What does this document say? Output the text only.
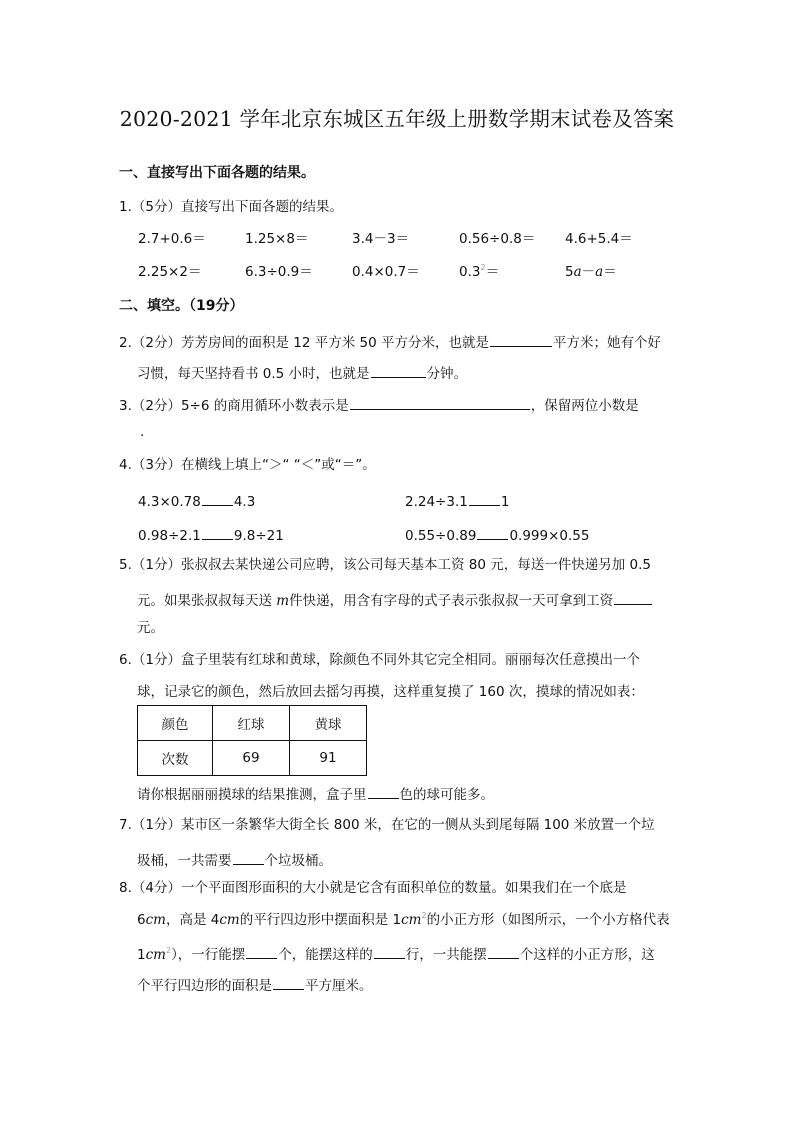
2020-2021 学年北京东城区五年级上册数学期末试卷及答案
一、直接写出下面各题的结果。
1.（5分）直接写出下面各题的结果。
2.7+0.6＝	1.25×8＝	3.4－3＝	0.56÷0.8＝ 4.6+5.4＝
2.25×2＝	6.3÷0.9＝	0.4×0.7＝	$0.3^2=$	5a－a＝
二、填空。（19分）
2.（2分）芳芳房间的面积是 12 平方米 50 平方分米，也就是	平方米；她有个好
习惯，每天坚持看书 0.5 小时，也就是	分钟。
3.（2分）5÷6 的商用循环小数表示是	，保留两位小数是
.
4.（3分）在横线上填上“＞“ “＜”或“＝”。
4.3×0.78 4.3	2.24÷3.1 1
0.98÷2.1 9.8÷21	0.55÷0.89 0.999×0.55
5.（1分）张叔叔去某快递公司应聘，该公司每天基本工资 80 元，每送一件快递另加 0.5
元。如果张叔叔每天送 m件快递，用含有字母的式子表示张叔叔一天可拿到工资
元。
6.（1分）盒子里装有红球和黄球，除颜色不同外其它完全相同。丽丽每次任意摸出一个
球，记录它的颜色，然后放回去摇匀再摸，这样重复摸了 160 次，摸球的情况如表：
颜色	红球	黄球
次数	69	91
请你根据丽丽摸球的结果推测，盒子里 色的球可能多。
7.（1分）某市区一条繁华大街全长 800 米，在它的一侧从头到尾每隔 100 米放置一个垃
圾桶，一共需要 个垃圾桶。
8.（4分）一个平面图形面积的大小就是它含有面积单位的数量。如果我们在一个底是
6cm，高是 4cm的平行四边形中摆面积是 $1cm^2$的小正方形（如图所示，一个小方格代表
$1cm^2$），一行能摆 个，能摆这样的 行，一共能摆 个这样的小正方形，这
个平行四边形的面积是 平方厘米。
